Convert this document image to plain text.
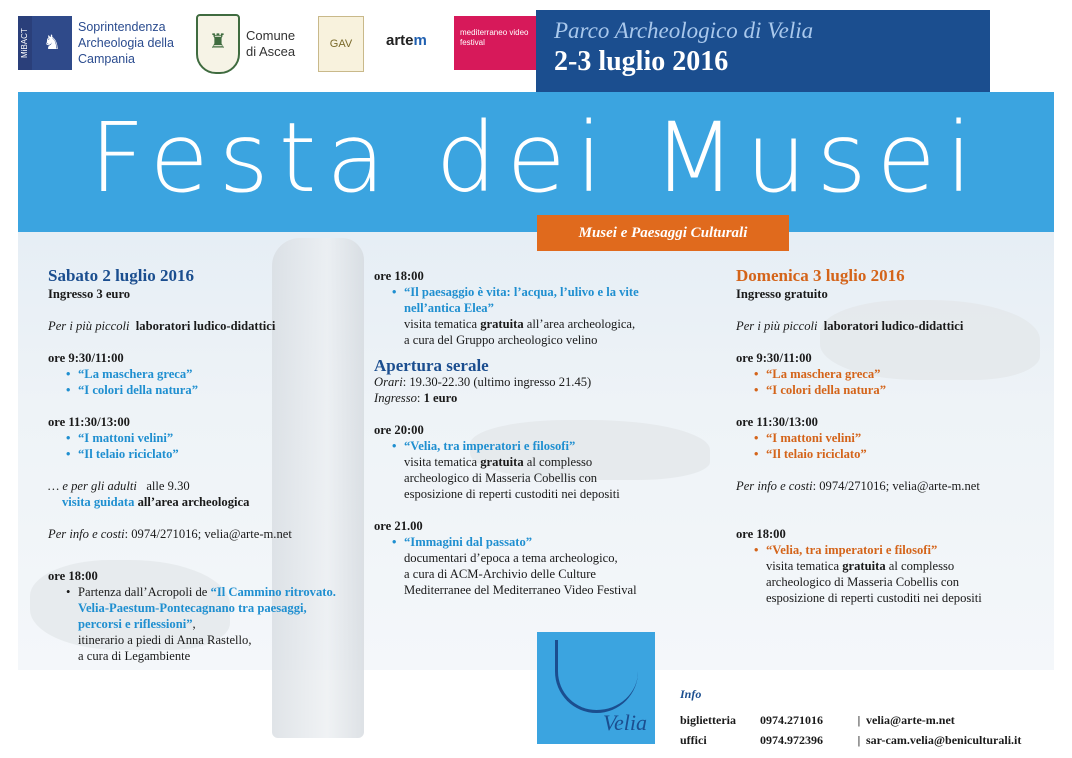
MiBACT ♞
Soprintendenza Archeologia della Campania
♜	Comune di Ascea	GAV	artem	mediterraneo video festival	Parco Archeologico di Velia
2-3 luglio 2016
Festa dei Musei
Musei e Paesaggi Culturali
Sabato 2 luglio 2016
Ingresso 3 euro
Per i più piccoli laboratori ludico-didattici
ore 9:30/11:00
• “La maschera greca”
• “I colori della natura”
ore 11:30/13:00
• “I mattoni velini”
• “Il telaio riciclato”
… e per gli adulti alle 9.30
visita guidata all’area archeologica
Per info e costi: 0974/271016; velia@arte-m.net
ore 18:00
• Partenza dall’Acropoli de “Il Cammino ritrovato. Velia-Paestum-Pontecagnano tra paesaggi, percorsi e riflessioni”,
itinerario a piedi di Anna Rastello,
a cura di Legambiente
ore 18:00
• “Il paesaggio è vita: l’acqua, l’ulivo e la vite nell’antica Elea”
visita tematica gratuita all’area archeologica,
a cura del Gruppo archeologico velino
Apertura serale
Orari: 19.30-22.30 (ultimo ingresso 21.45)
Ingresso: 1 euro
ore 20:00
• “Velia, tra imperatori e filosofi”
visita tematica gratuita al complesso
archeologico di Masseria Cobellis con
esposizione di reperti custoditi nei depositi
ore 21.00
• “Immagini dal passato”
documentari d’epoca a tema archeologico,
a cura di ACM-Archivio delle Culture
Mediterranee del Mediterraneo Video Festival
Domenica 3 luglio 2016
Ingresso gratuito
Per i più piccoli laboratori ludico-didattici
ore 9:30/11:00
• “La maschera greca”
• “I colori della natura”
ore 11:30/13:00
• “I mattoni velini”
• “Il telaio riciclato”
Per info e costi: 0974/271016; velia@arte-m.net
ore 18:00
• “Velia, tra imperatori e filosofi”
visita tematica gratuita al complesso
archeologico di Masseria Cobellis con
esposizione di reperti custoditi nei depositi
Velia
Info
biglietteria	0974.271016	|	velia@arte-m.net
uffici	0974.972396	|	sar-cam.velia@beniculturali.it
